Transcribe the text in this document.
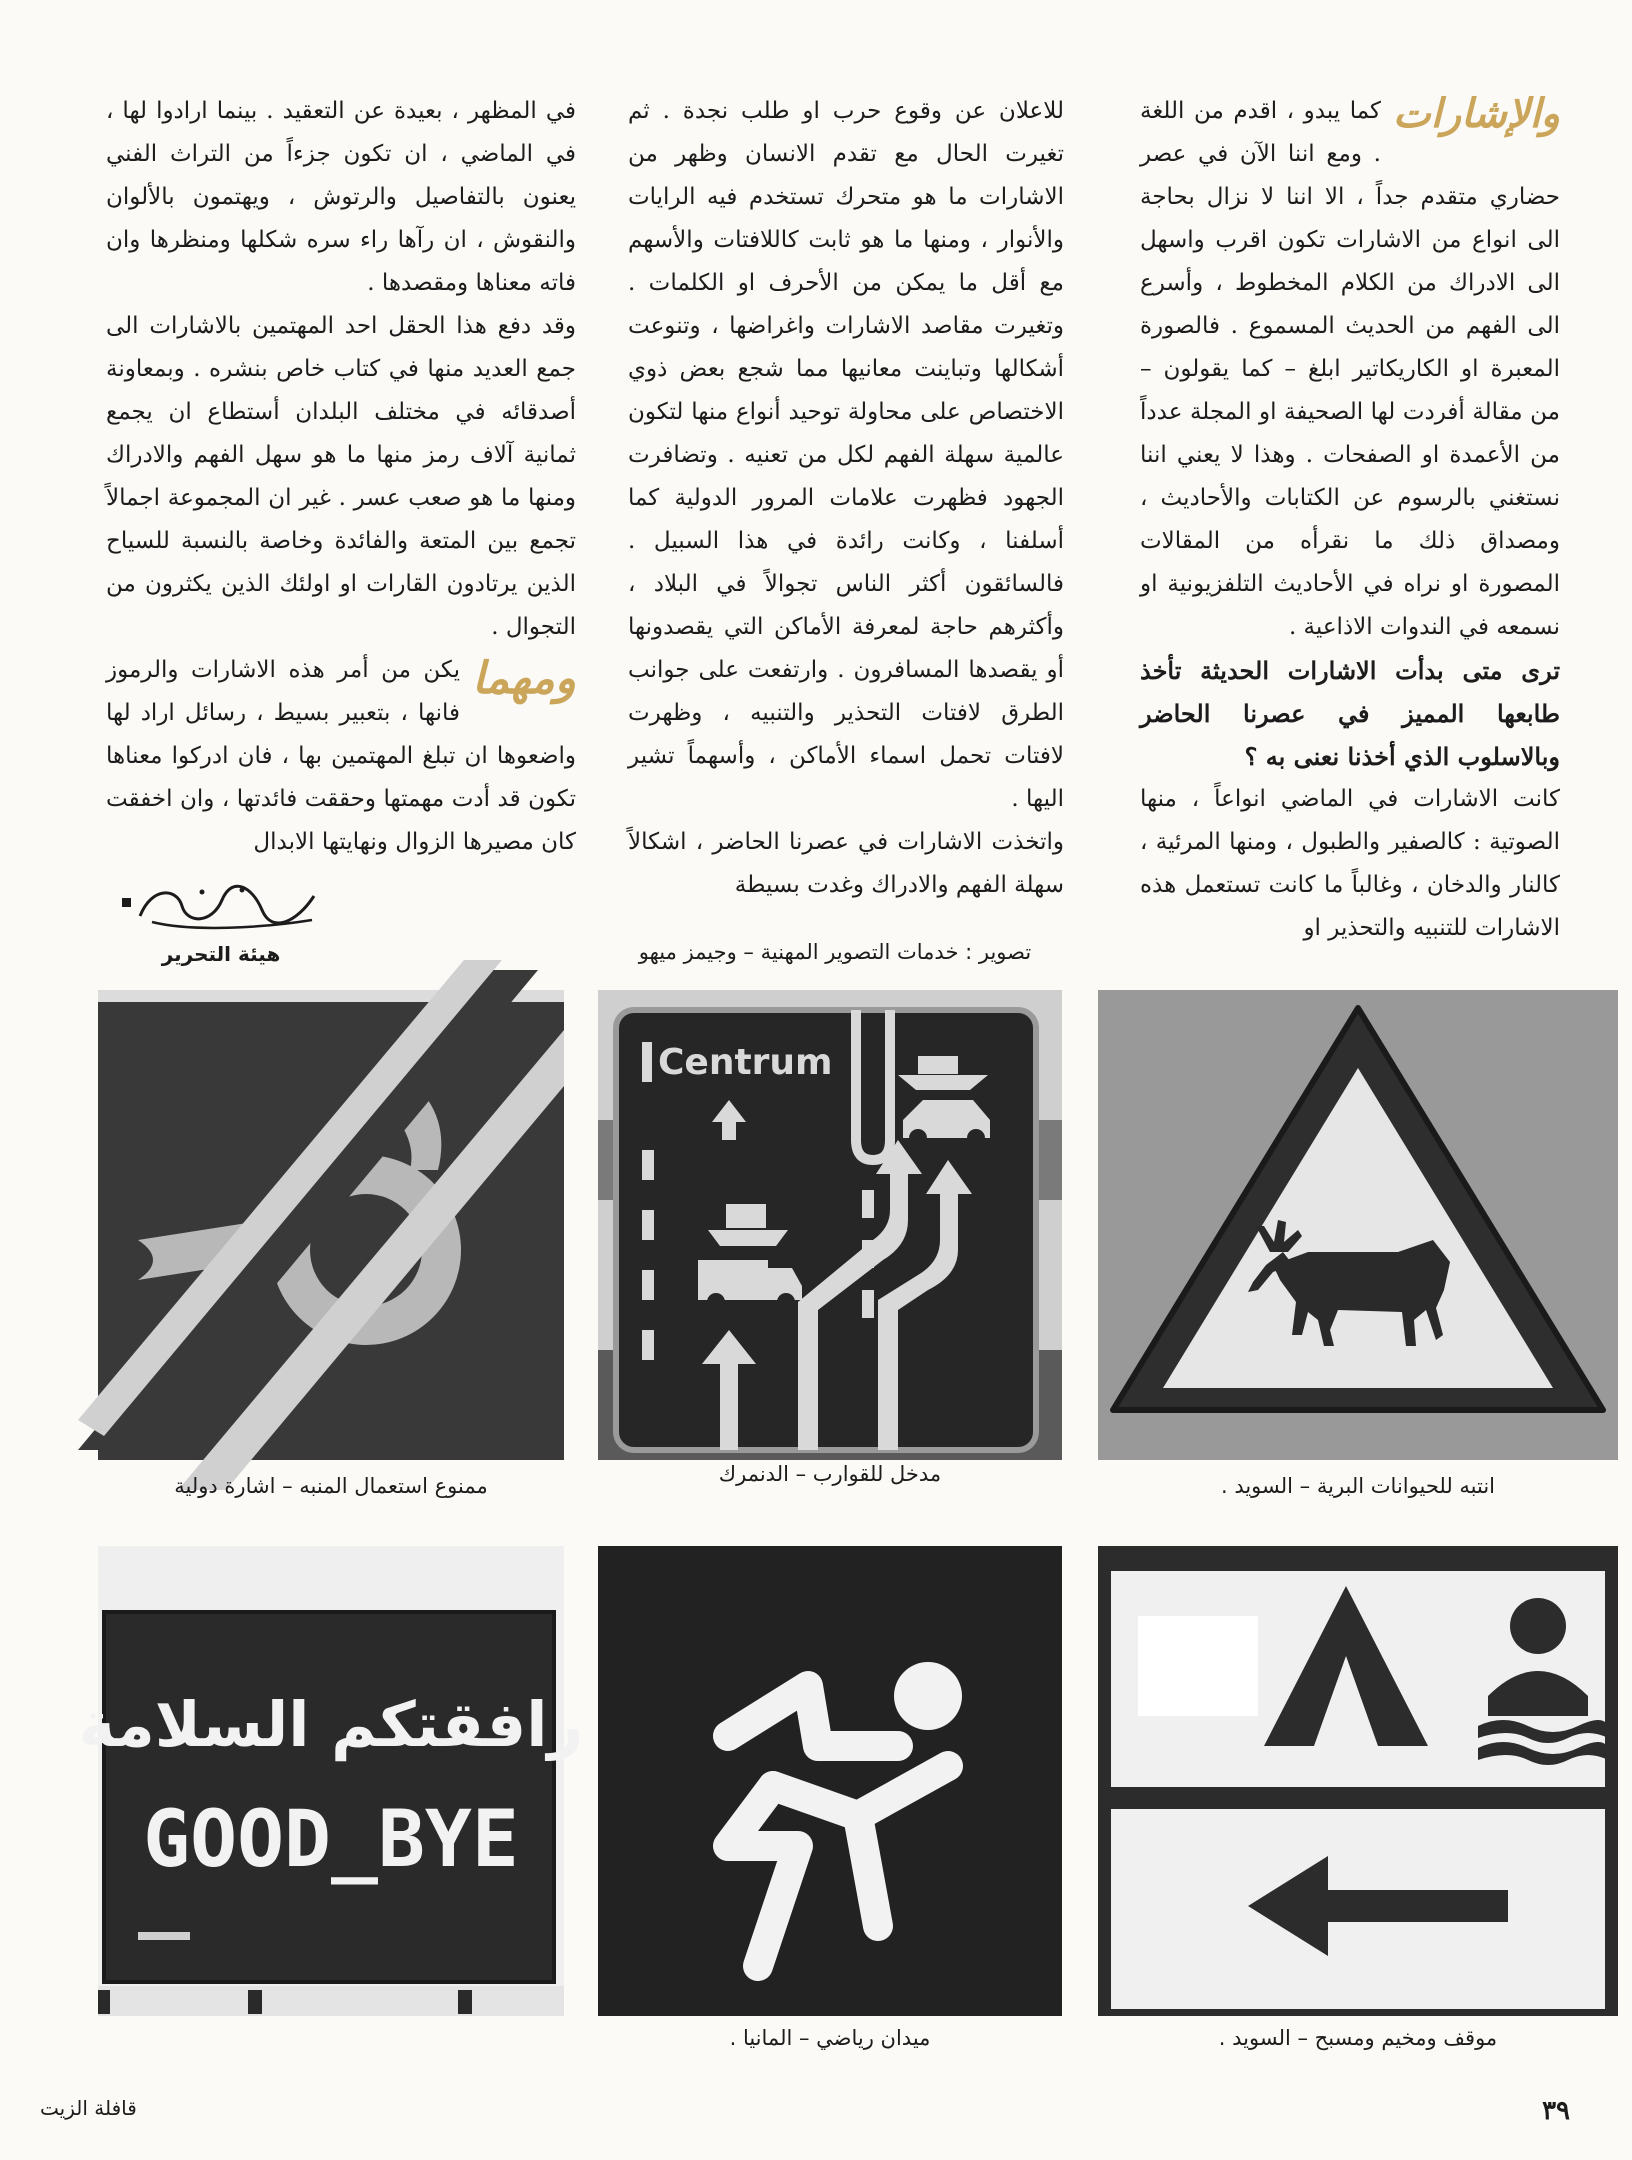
والإشارات

كما يبدو ، اقدم من اللغة . ومع اننا الآن في عصر حضاري متقدم جداً ، الا اننا لا نزال بحاجة الى انواع من الاشارات تكون اقرب واسهل الى الادراك من الكلام المخطوط ، وأسرع الى الفهم من الحديث المسموع . فالصورة المعبرة او الكاريكاتير ابلغ – كما يقولون – من مقالة أفردت لها الصحيفة او المجلة عدداً من الأعمدة او الصفحات . وهذا لا يعني اننا نستغني بالرسوم عن الكتابات والأحاديث ، ومصداق ذلك ما نقرأه من المقالات المصورة او نراه في الأحاديث التلفزيونية او نسمعه في الندوات الاذاعية .

ترى متى بدأت الاشارات الحديثة تأخذ طابعها المميز في عصرنا الحاضر وبالاسلوب الذي أخذنا نعنى به ؟

كانت الاشارات في الماضي انواعاً ، منها الصوتية : كالصفير والطبول ، ومنها المرئية ، كالنار والدخان ، وغالباً ما كانت تستعمل هذه الاشارات للتنبيه والتحذير او

للاعلان عن وقوع حرب او طلب نجدة . ثم تغيرت الحال مع تقدم الانسان وظهر من الاشارات ما هو متحرك تستخدم فيه الرايات والأنوار ، ومنها ما هو ثابت كاللافتات والأسهم مع أقل ما يمكن من الأحرف او الكلمات . وتغيرت مقاصد الاشارات واغراضها ، وتنوعت أشكالها وتباينت معانيها مما شجع بعض ذوي الاختصاص على محاولة توحيد أنواع منها لتكون عالمية سهلة الفهم لكل من تعنيه . وتضافرت الجهود فظهرت علامات المرور الدولية كما أسلفنا ، وكانت رائدة في هذا السبيل . فالسائقون أكثر الناس تجوالاً في البلاد ، وأكثرهم حاجة لمعرفة الأماكن التي يقصدونها أو يقصدها المسافرون . وارتفعت على جوانب الطرق لافتات التحذير والتنبيه ، وظهرت لافتات تحمل اسماء الأماكن ، وأسهماً تشير اليها .

واتخذت الاشارات في عصرنا الحاضر ، اشكالاً سهلة الفهم والادراك وغدت بسيطة

في المظهر ، بعيدة عن التعقيد . بينما ارادوا لها ، في الماضي ، ان تكون جزءاً من التراث الفني يعنون بالتفاصيل والرتوش ، ويهتمون بالألوان والنقوش ، ان رآها راء سره شكلها ومنظرها وان فاته معناها ومقصدها .

وقد دفع هذا الحقل احد المهتمين بالاشارات الى جمع العديد منها في كتاب خاص بنشره . وبمعاونة أصدقائه في مختلف البلدان أستطاع ان يجمع ثمانية آلاف رمز منها ما هو سهل الفهم والادراك ومنها ما هو صعب عسر . غير ان المجموعة اجمالاً تجمع بين المتعة والفائدة وخاصة بالنسبة للسياح الذين يرتادون القارات او اولئك الذين يكثرون من التجوال .

ومهما
يكن من أمر هذه الاشارات والرموز فانها ، بتعبير بسيط ، رسائل اراد لها واضعوها ان تبلغ المهتمين بها ، فان ادركوا معناها تكون قد أدت مهمتها وحققت فائدتها ، وان اخفقت كان مصيرها الزوال ونهايتها الابدال

هيئة التحرير	تصوير : خدمات التصوير المهنية – وجيمز ميهو
انتبه للحيوانات البرية – السويد .
Centrum
مدخل للقوارب – الدنمرك
ممنوع استعمال المنبه – اشارة دولية
موقف ومخيم ومسبح – السويد .
ميدان رياضي – المانيا .
رافقتكم السلامة
GOOD_BYE
٣٩
قافلة الزيت
